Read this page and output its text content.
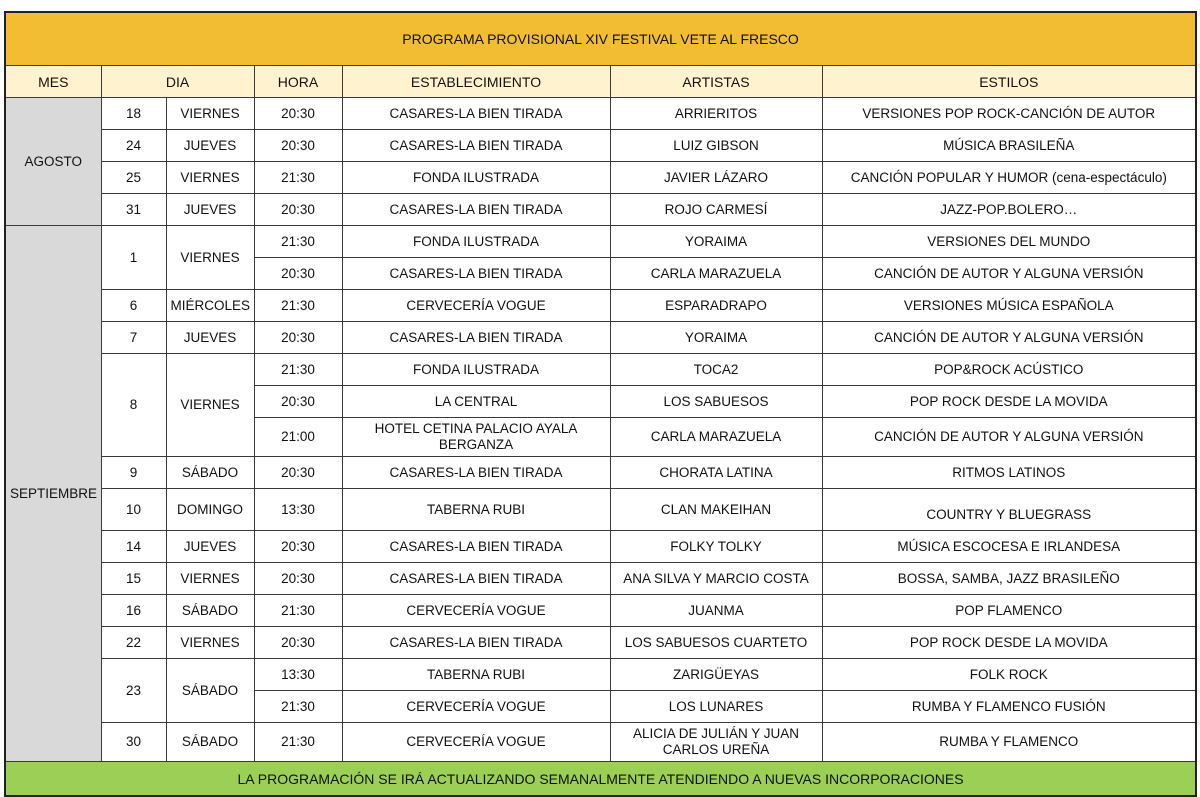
PROGRAMA PROVISIONAL XIV FESTIVAL VETE AL FRESCO						
MES	DIA		HORA	ESTABLECIMIENTO	ARTISTAS	ESTILOS
AGOSTO	18	VIERNES	20:30	CASARES-LA BIEN TIRADA	ARRIERITOS	VERSIONES POP ROCK-CANCIÓN DE AUTOR
	24	JUEVES	20:30	CASARES-LA BIEN TIRADA	LUIZ GIBSON	MÚSICA BRASILEÑA
	25	VIERNES	21:30	FONDA ILUSTRADA	JAVIER LÁZARO	CANCIÓN POPULAR Y HUMOR (cena-espectáculo)
	31	JUEVES	20:30	CASARES-LA BIEN TIRADA	ROJO CARMESÍ	JAZZ-POP.BOLERO…
SEPTIEMBRE	1	VIERNES	21:30	FONDA ILUSTRADA	YORAIMA	VERSIONES DEL MUNDO
			20:30	CASARES-LA BIEN TIRADA	CARLA MARAZUELA	CANCIÓN DE AUTOR Y ALGUNA VERSIÓN
	6	MIÉRCOLES	21:30	CERVECERÍA VOGUE	ESPARADRAPO	VERSIONES MÚSICA ESPAÑOLA
	7	JUEVES	20:30	CASARES-LA BIEN TIRADA	YORAIMA	CANCIÓN DE AUTOR Y ALGUNA VERSIÓN
	8	VIERNES	21:30	FONDA ILUSTRADA	TOCA2	POP&ROCK ACÚSTICO
			20:30	LA CENTRAL	LOS SABUESOS	POP ROCK DESDE LA MOVIDA
			21:00	HOTEL CETINA PALACIO AYALA BERGANZA	CARLA MARAZUELA	CANCIÓN DE AUTOR Y ALGUNA VERSIÓN
	9	SÁBADO	20:30	CASARES-LA BIEN TIRADA	CHORATA LATINA	RITMOS LATINOS
	10	DOMINGO	13:30	TABERNA RUBI	CLAN MAKEIHAN	COUNTRY Y BLUEGRASS
	14	JUEVES	20:30	CASARES-LA BIEN TIRADA	FOLKY TOLKY	MÚSICA ESCOCESA E IRLANDESA
	15	VIERNES	20:30	CASARES-LA BIEN TIRADA	ANA SILVA Y MARCIO COSTA	BOSSA, SAMBA, JAZZ BRASILEÑO
	16	SÁBADO	21:30	CERVECERÍA VOGUE	JUANMA	POP FLAMENCO
	22	VIERNES	20:30	CASARES-LA BIEN TIRADA	LOS SABUESOS CUARTETO	POP ROCK DESDE LA MOVIDA
	23	SÁBADO	13:30	TABERNA RUBI	ZARIGÜEYAS	FOLK ROCK
			21:30	CERVECERÍA VOGUE	LOS LUNARES	RUMBA Y FLAMENCO FUSIÓN
	30	SÁBADO	21:30	CERVECERÍA VOGUE	ALICIA DE JULIÁN Y JUAN CARLOS UREÑA	RUMBA Y FLAMENCO
LA PROGRAMACIÓN SE IRÁ ACTUALIZANDO SEMANALMENTE ATENDIENDO A NUEVAS INCORPORACIONES						
